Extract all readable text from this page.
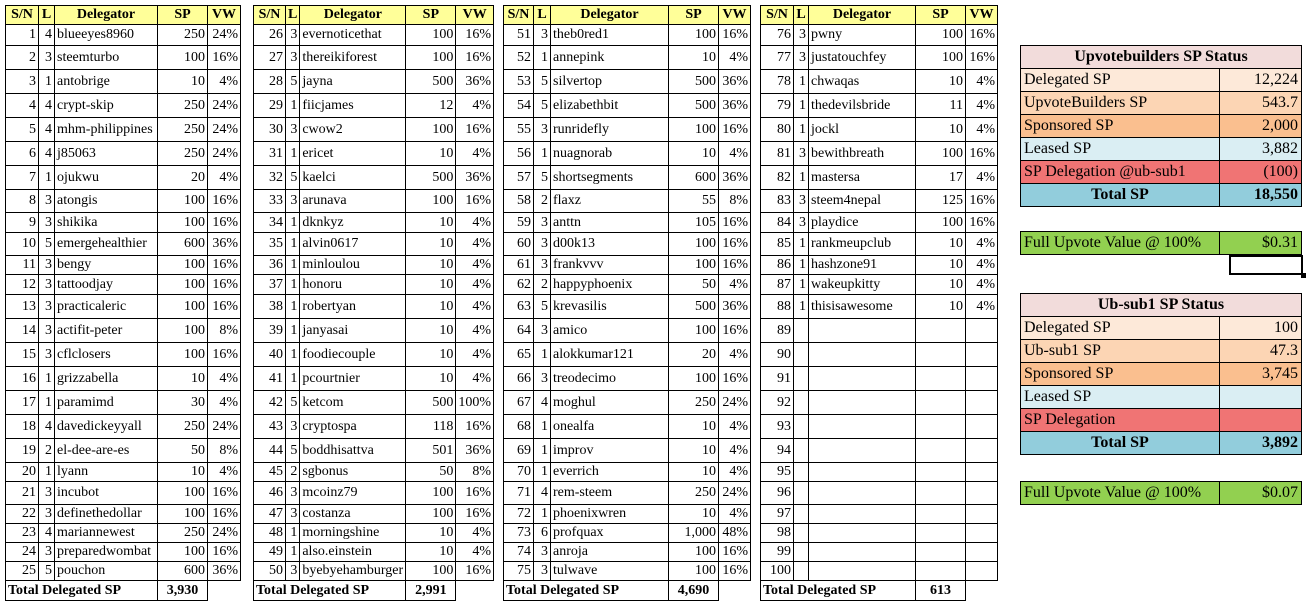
S/N	L	Delegator	SP	VW
1	4	blueeyes8960	250	24%
2	3	steemturbo	100	16%
3	1	antobrige	10	4%
4	4	crypt-skip	250	24%
5	4	mhm-philippines	250	24%
6	4	j85063	250	24%
7	1	ojukwu	20	4%
8	3	atongis	100	16%
9	3	shikika	100	16%
10	5	emergehealthier	600	36%
11	3	bengy	100	16%
12	3	tattoodjay	100	16%
13	3	practicaleric	100	16%
14	3	actifit-peter	100	8%
15	3	cflclosers	100	16%
16	1	grizzabella	10	4%
17	1	paramimd	30	4%
18	4	davedickeyyall	250	24%
19	2	el-dee-are-es	50	8%
20	1	lyann	10	4%
21	3	incubot	100	16%
22	3	definethedollar	100	16%
23	4	mariannewest	250	24%
24	3	preparedwombat	100	16%
25	5	pouchon	600	36%
Total Delegated SP			3,930	
S/N	L	Delegator	SP	VW
26	3	evernoticethat	100	16%
27	3	thereikiforest	100	16%
28	5	jayna	500	36%
29	1	fiicjames	12	4%
30	3	cwow2	100	16%
31	1	ericet	10	4%
32	5	kaelci	500	36%
33	3	arunava	100	16%
34	1	dknkyz	10	4%
35	1	alvin0617	10	4%
36	1	minloulou	10	4%
37	1	honoru	10	4%
38	1	robertyan	10	4%
39	1	janyasai	10	4%
40	1	foodiecouple	10	4%
41	1	pcourtnier	10	4%
42	5	ketcom	500	100%
43	3	cryptospa	118	16%
44	5	boddhisattva	501	36%
45	2	sgbonus	50	8%
46	3	mcoinz79	100	16%
47	3	costanza	100	16%
48	1	morningshine	10	4%
49	1	also.einstein	10	4%
50	3	byebyehamburger	100	16%
Total Delegated SP			2,991	
S/N	L	Delegator	SP	VW
51	3	theb0red1	100	16%
52	1	annepink	10	4%
53	5	silvertop	500	36%
54	5	elizabethbit	500	36%
55	3	runridefly	100	16%
56	1	nuagnorab	10	4%
57	5	shortsegments	600	36%
58	2	flaxz	55	8%
59	3	anttn	105	16%
60	3	d00k13	100	16%
61	3	frankvvv	100	16%
62	2	happyphoenix	50	4%
63	5	krevasilis	500	36%
64	3	amico	100	16%
65	1	alokkumar121	20	4%
66	3	treodecimo	100	16%
67	4	moghul	250	24%
68	1	onealfa	10	4%
69	1	improv	10	4%
70	1	everrich	10	4%
71	4	rem-steem	250	24%
72	1	phoenixwren	10	4%
73	6	profquax	1,000	48%
74	3	anroja	100	16%
75	3	tulwave	100	16%
Total Delegated SP			4,690	
S/N	L	Delegator	SP	VW
76	3	pwny	100	16%
77	3	justatouchfey	100	16%
78	1	chwaqas	10	4%
79	1	thedevilsbride	11	4%
80	1	jockl	10	4%
81	3	bewithbreath	100	16%
82	1	mastersa	17	4%
83	3	steem4nepal	125	16%
84	3	playdice	100	16%
85	1	rankmeupclub	10	4%
86	1	hashzone91	10	4%
87	1	wakeupkitty	10	4%
88	1	thisisawesome	10	4%
89				
90				
91				
92				
93				
94				
95				
96				
97				
98				
99				
100				
Total Delegated SP			613	
Upvotebuilders SP Status	
Delegated SP	12,224
UpvoteBuilders SP	543.7
Sponsored SP	2,000
Leased SP	3,882
SP Delegation @ub-sub1	(100)
Total SP	18,550
Full Upvote Value @ 100%	$0.31
Ub-sub1 SP Status	
Delegated SP	100
Ub-sub1 SP	47.3
Sponsored SP	3,745
Leased SP	
SP Delegation	
Total SP	3,892
Full Upvote Value @ 100%	$0.07
